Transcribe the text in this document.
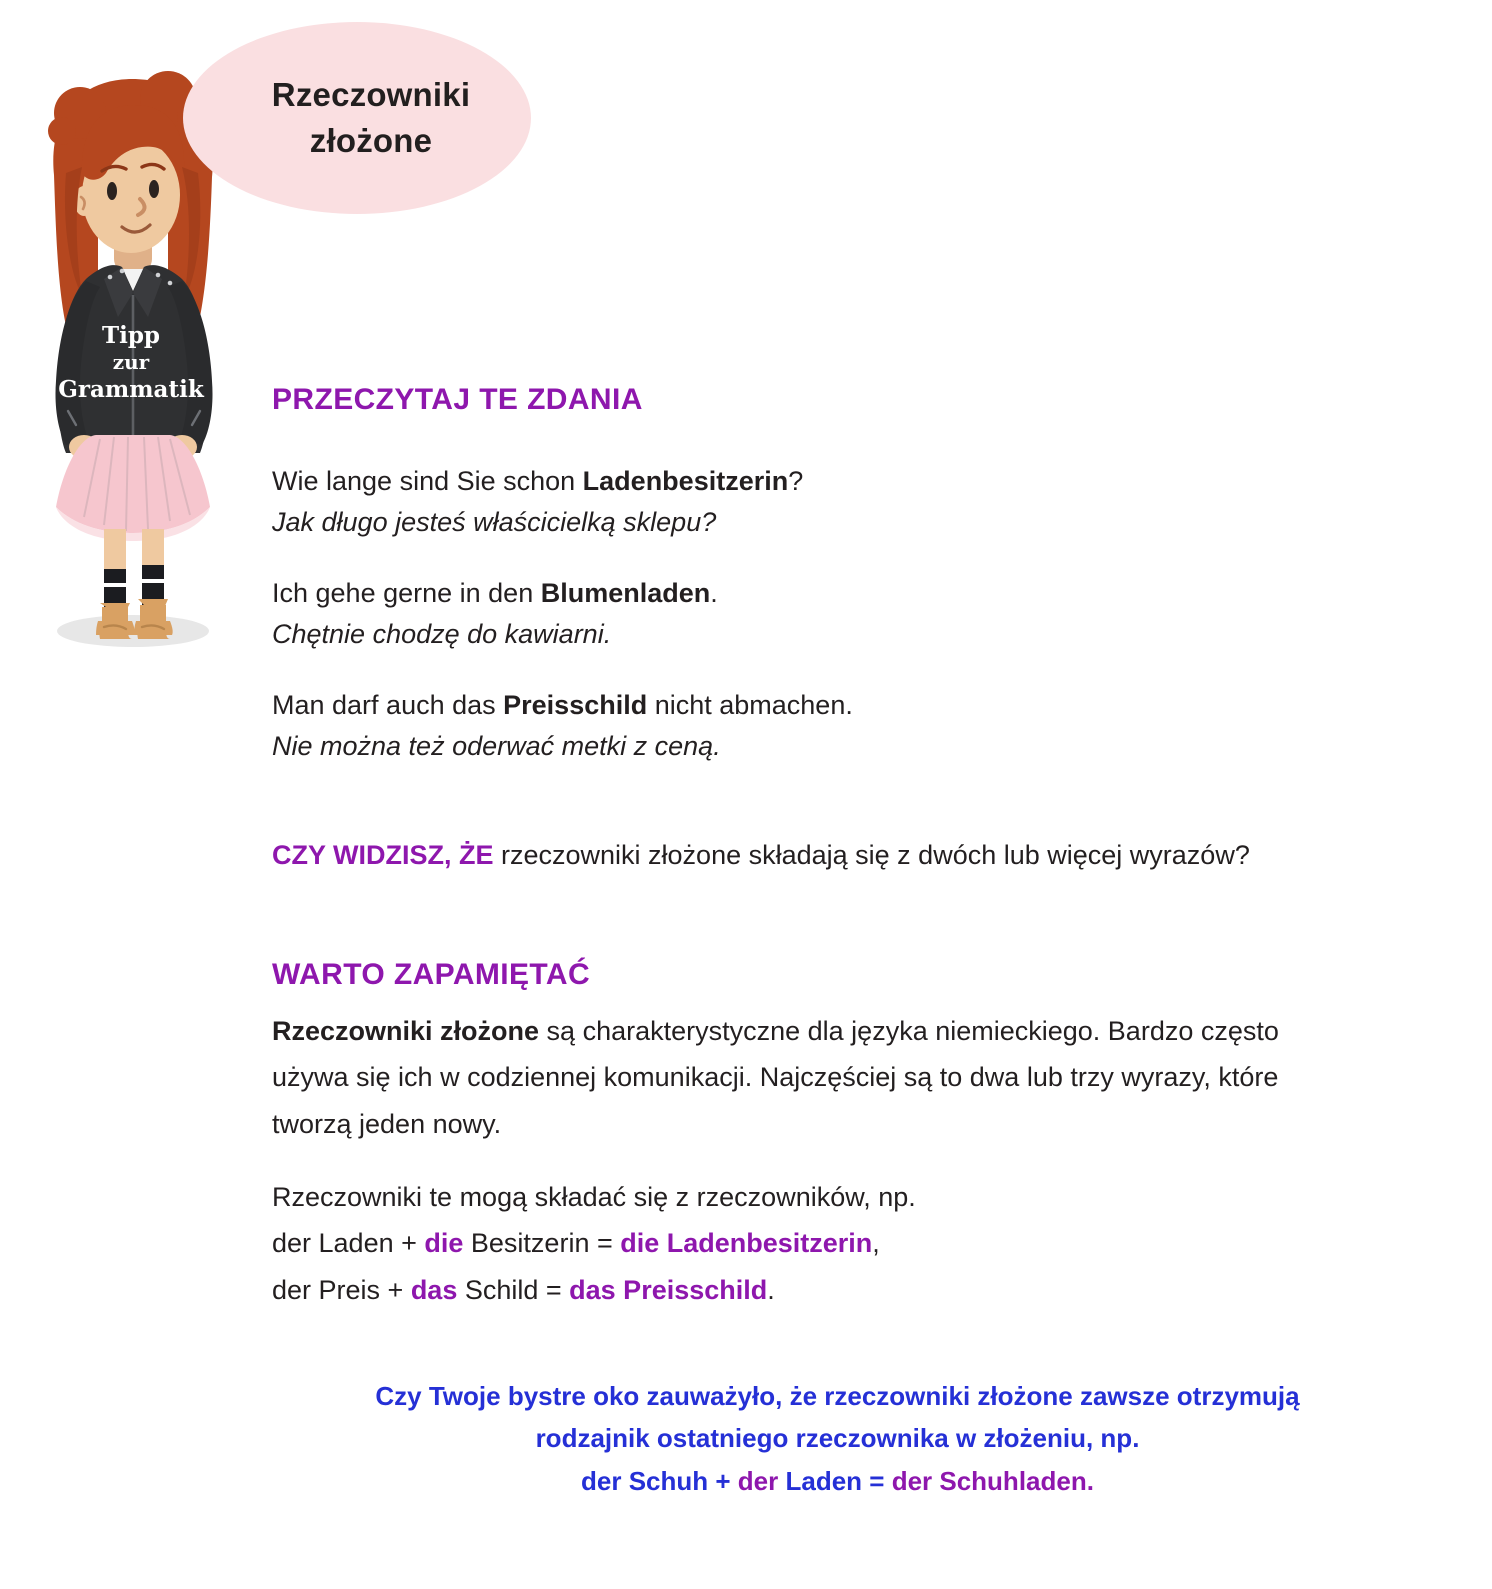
Tipp
zur
Grammatik
Rzeczowniki
złożone
PRZECZYTAJ TE ZDANIA
Wie lange sind Sie schon Ladenbesitzerin?
Jak długo jesteś właścicielką sklepu?
Ich gehe gerne in den Blumenladen.
Chętnie chodzę do kawiarni.
Man darf auch das Preisschild nicht abmachen.
Nie można też oderwać metki z ceną.

CZY WIDZISZ, ŻE rzeczowniki złożone składają się z dwóch lub więcej wyrazów?

WARTO ZAPAMIĘTAĆ

Rzeczowniki złożone są charakterystyczne dla języka niemieckiego. Bardzo często używa się ich w codziennej komunikacji. Najczęściej są to dwa lub trzy wyrazy, które tworzą jeden nowy.

Rzeczowniki te mogą składać się z rzeczowników, np.
der Laden + die Besitzerin = die Ladenbesitzerin,
der Preis + das Schild = das Preisschild.
Czy Twoje bystre oko zauważyło, że rzeczowniki złożone zawsze otrzymują
rodzajnik ostatniego rzeczownika w złożeniu, np.
der Schuh + der Laden = der Schuhladen.
